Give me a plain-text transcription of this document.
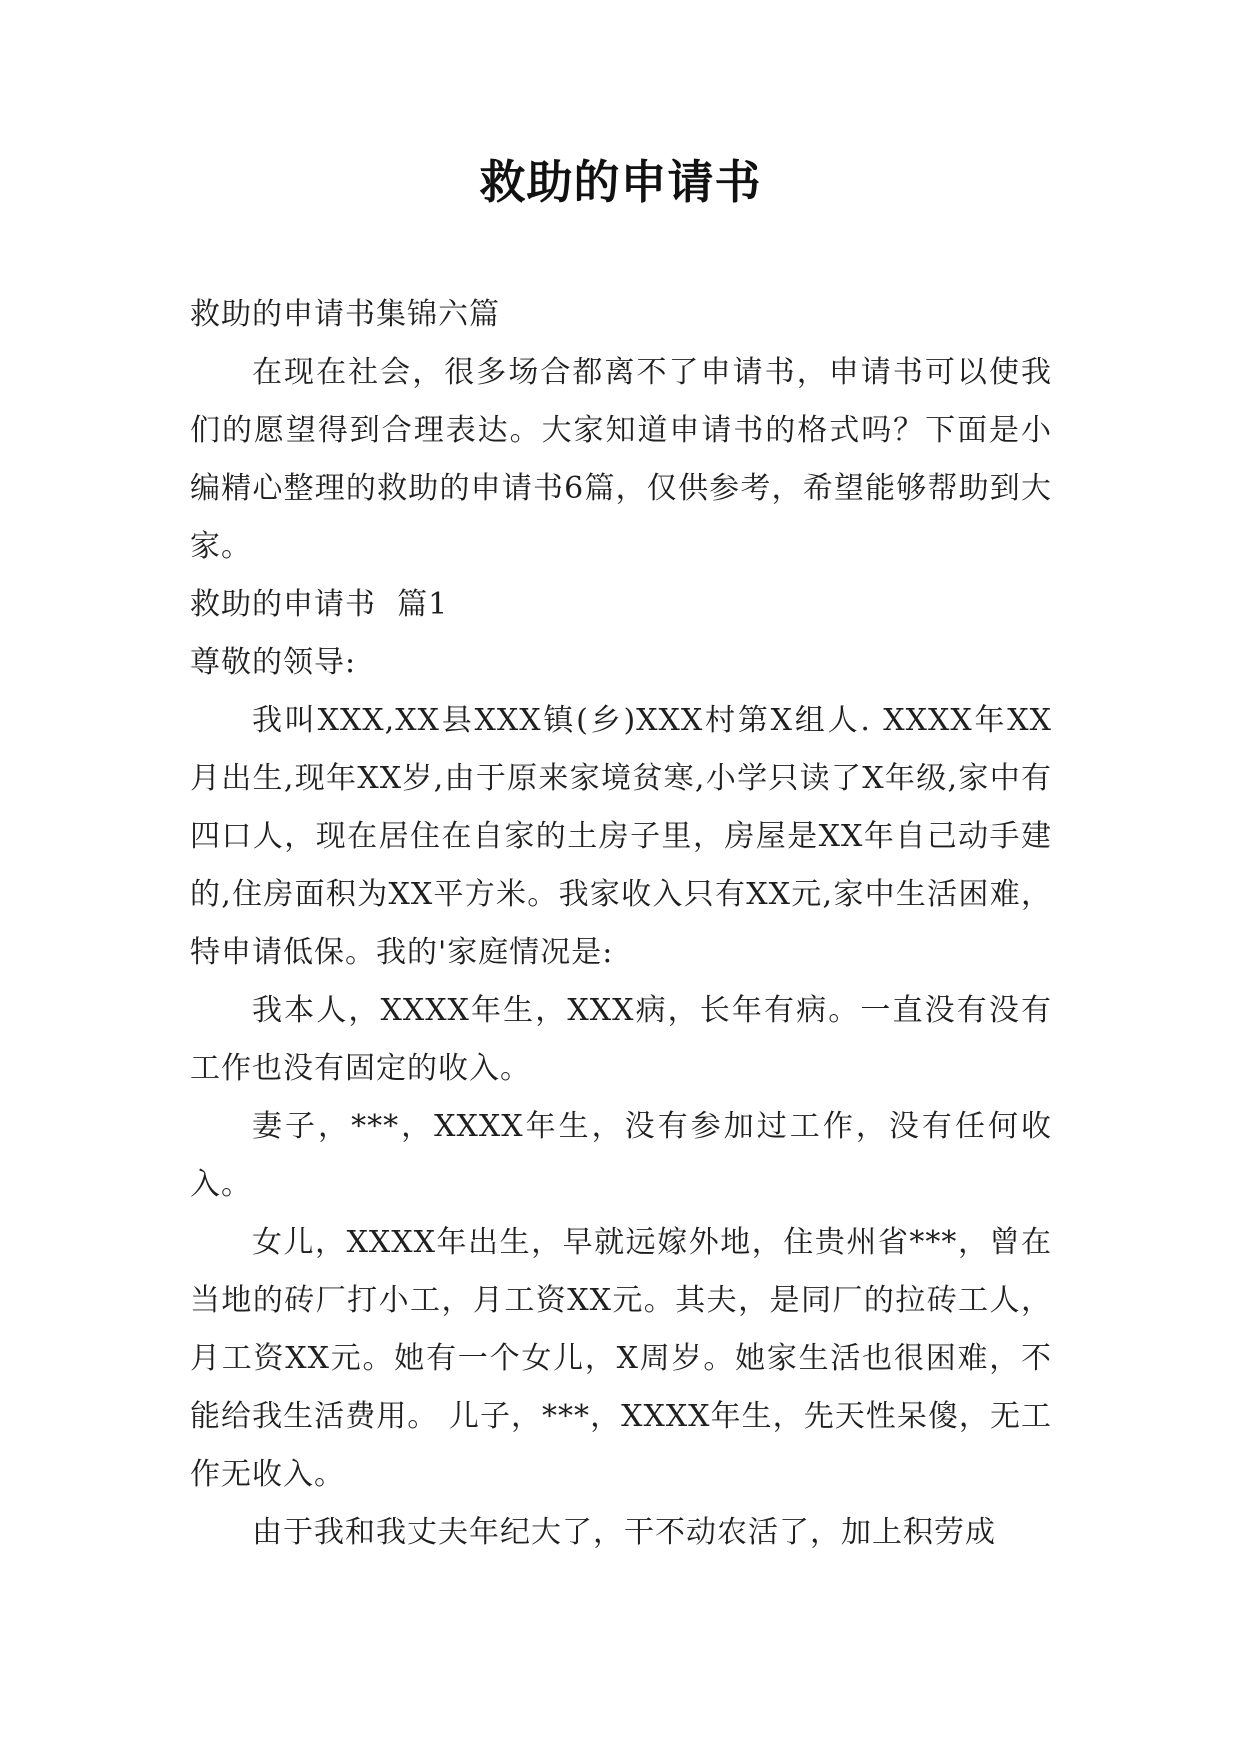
救助的申请书

救助的申请书集锦六篇

在现在社会，很多场合都离不了申请书，申请书可以使我们的愿望得到合理表达。大家知道申请书的格式吗？下面是小编精心整理的救助的申请书6篇，仅供参考，希望能够帮助到大家。

救助的申请书  篇1

尊敬的领导:

我叫XXX,XX县XXX镇(乡)XXX村第X组人. XXXX年XX月出生,现年XX岁,由于原来家境贫寒,小学只读了X年级,家中有四口人，现在居住在自家的土房子里，房屋是XX年自己动手建的,住房面积为XX平方米。我家收入只有XX元,家中生活困难，特申请低保。我的'家庭情况是:

我本人，XXXX年生，XXX病，长年有病。一直没有没有工作也没有固定的收入。

妻子，***，XXXX年生，没有参加过工作，没有任何收入。

女儿，XXXX年出生，早就远嫁外地，住贵州省***，曾在当地的砖厂打小工，月工资XX元。其夫，是同厂的拉砖工人，月工资XX元。她有一个女儿，X周岁。她家生活也很困难，不能给我生活费用。 儿子，***，XXXX年生，先天性呆傻，无工作无收入。

由于我和我丈夫年纪大了，干不动农活了，加上积劳成
